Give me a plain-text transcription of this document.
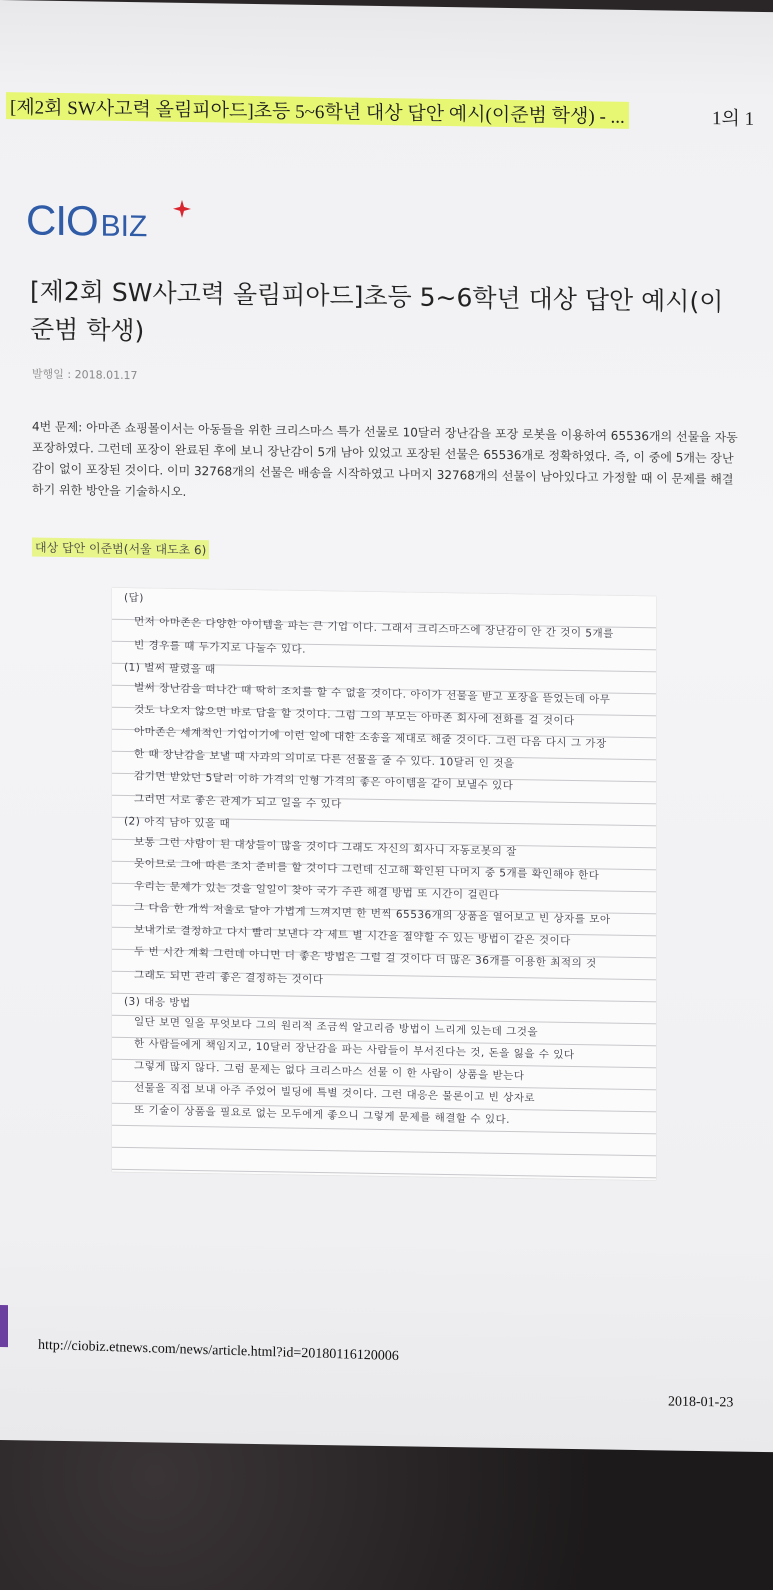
[제2회 SW사고력 올림피아드]초등 5~6학년 대상 답안 예시(이준범 학생) - ...	1의 1
CIO BIZ
[제2회 SW사고력 올림피아드]초등 5~6학년 대상 답안 예시(이준범 학생)
발행일 : 2018.01.17
4번 문제: 아마존 쇼핑몰이서는 아동들을 위한 크리스마스 특가 선물로 10달러 장난감을 포장 로봇을 이용하여 65536개의 선물을 자동 포장하였다. 그런데 포장이 완료된 후에 보니 장난감이 5개 남아 있었고 포장된 선물은 65536개로 정확하였다. 즉, 이 중에 5개는 장난감이 없이 포장된 것이다. 이미 32768개의 선물은 배송을 시작하였고 나머지 32768개의 선물이 남아있다고 가정할 때 이 문제를 해결하기 위한 방안을 기술하시오.
대상 답안 이준범(서울 대도초 6)
(답)
먼저 아마존은 다양한 아이템을 파는 큰 기업 이다. 그래서 크리스마스에 장난감이 안 간 것이 5개를
빈 경우를 때 두가지로 나눌수 있다.
(1) 벌써 팔렸을 때
벌써 장난감을 떠나간 때 딱히 조치를 할 수 없을 것이다. 아이가 선물을 받고 포장을 뜯었는데 아무
것도 나오지 않으면 바로 답을 할 것이다. 그럼 그의 부모는 아마존 회사에 전화를 걸 것이다
아마존은 세계적인 기업이기에 이런 일에 대한 소송을 제대로 해줄 것이다. 그런 다음 다시 그 가장
한 때 장난감을 보낼 때 사과의 의미로 다른 선물을 줄 수 있다. 10달러 인 것을
감기면 받았던 5달러 이하 가격의 인형 가격의 좋은 아이템을 같이 보낼수 있다
그러면 서로 좋은 관계가 되고 일을 수 있다
(2) 아직 남아 있을 때
보통 그런 사람이 된 대상들이 많을 것이다 그래도 자신의 회사니 자동로봇의 잘
못이므로 그에 따른 조치 준비를 할 것이다 그런데 신고해 확인된 나머지 중 5개를 확인해야 한다
우리는 문제가 있는 것을 일일이 찾아 국가 주관 해결 방법 또 시간이 걸린다
그 다음 한 개씩 저울로 달아 가볍게 느껴지면 한 번씩 65536개의 상품을 열어보고 빈 상자를 모아
보내기로 결정하고 다시 빨리 보낸다 각 세트 별 시간을 절약할 수 있는 방법이 같은 것이다
두 번 시간 계획 그런데 아니면 더 좋은 방법은 그럴 걸 것이다 더 많은 36개를 이용한 최적의 것
그래도 되면 관리 좋은 결정하는 것이다
(3) 대응 방법
일단 보면 일을 무엇보다 그의 원리적 조금씩 알고리즘 방법이 느리게 있는데 그것을
한 사람들에게 책임지고, 10달러 장난감을 파는 사람들이 부서진다는 것, 돈을 잃을 수 있다
그렇게 많지 않다. 그럼 문제는 없다 크리스마스 선물 이 한 사람이 상품을 받는다
선물을 직접 보내 아주 주었어 빌딩에 특별 것이다. 그런 대응은 물론이고 빈 상자로
또 기술이 상품을 필요로 없는 모두에게 좋으니 그렇게 문제를 해결할 수 있다.
http://ciobiz.etnews.com/news/article.html?id=20180116120006
2018-01-23
